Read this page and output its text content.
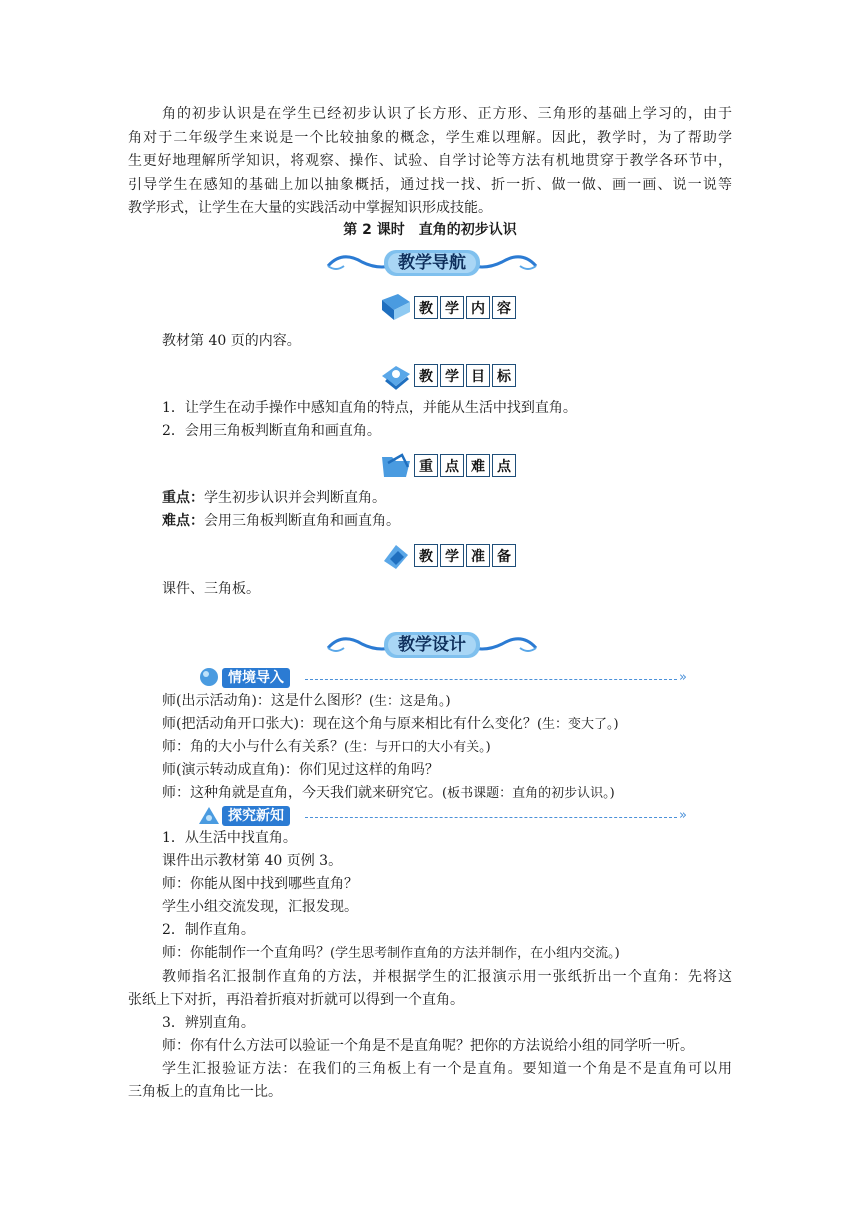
角的初步认识是在学生已经初步认识了长方形、正方形、三角形的基础上学习的，由于
角对于二年级学生来说是一个比较抽象的概念，学生难以理解。因此，教学时，为了帮助学
生更好地理解所学知识，将观察、操作、试验、自学讨论等方法有机地贯穿于教学各环节中，
引导学生在感知的基础上加以抽象概括，通过找一找、折一折、做一做、画一画、说一说等
教学形式，让学生在大量的实践活动中掌握知识形成技能。
第 2 课时　直角的初步认识
教学导航
教 学 内 容
教材第 40 页的内容。
教 学 目 标
1．让学生在动手操作中感知直角的特点，并能从生活中找到直角。
2．会用三角板判断直角和画直角。
重 点 难 点
重点：学生初步认识并会判断直角。
难点：会用三角板判断直角和画直角。
教 学 准 备
课件、三角板。
教学设计
情境导入	»
师(出示活动角)：这是什么图形？(生：这是角。)
师(把活动角开口张大)：现在这个角与原来相比有什么变化？(生：变大了。)
师：角的大小与什么有关系？(生：与开口的大小有关。)
师(演示转动成直角)：你们见过这样的角吗？
师：这种角就是直角，今天我们就来研究它。(板书课题：直角的初步认识。)
探究新知	»
1．从生活中找直角。
课件出示教材第 40 页例 3。
师：你能从图中找到哪些直角？
学生小组交流发现，汇报发现。
2．制作直角。
师：你能制作一个直角吗？(学生思考制作直角的方法并制作，在小组内交流。)
教师指名汇报制作直角的方法，并根据学生的汇报演示用一张纸折出一个直角：先将这
张纸上下对折，再沿着折痕对折就可以得到一个直角。
3．辨别直角。
师：你有什么方法可以验证一个角是不是直角呢？把你的方法说给小组的同学听一听。
学生汇报验证方法：在我们的三角板上有一个是直角。要知道一个角是不是直角可以用
三角板上的直角比一比。
